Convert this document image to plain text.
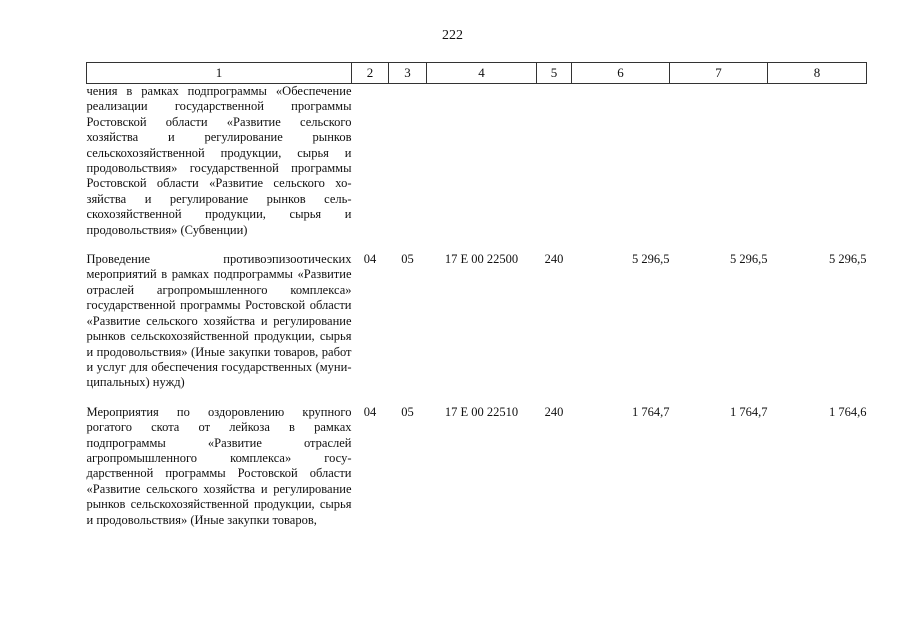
222
1	2	3	4	5	6	7	8
чения в рамках подпрограммы «Обеспечение реализации государственной программы Ростовской области «Развитие сельского хозяйства и регулирование рынков сельскохозяйственной продукции, сырья и продовольствия» государственной программы Ростовской области «Развитие сельского хозяйства и регулирование рынков сельскохозяйственной продукции, сырья и продовольствия» (Субвенции)							
Проведение противоэпизоотических мероприятий в рамках подпрограммы «Развитие отраслей агропромышленного комплекса» государственной программы Ростовской области «Развитие сельского хозяйства и регулирование рынков сельскохозяйственной продукции, сырья и продовольствия» (Иные закупки товаров, работ и услуг для обеспечения государственных (муниципальных) нужд)	04	05	17 Е 00 22500	240	5 296,5	5 296,5	5 296,5
Мероприятия по оздоровлению крупного рогатого скота от лейкоза в рамках подпрограммы «Развитие отраслей агропромышленного комплекса» государственной программы Ростовской области «Развитие сельского хозяйства и регулирование рынков сельскохозяйственной продукции, сырья и продовольствия» (Иные закупки товаров,	04	05	17 Е 00 22510	240	1 764,7	1 764,7	1 764,6
